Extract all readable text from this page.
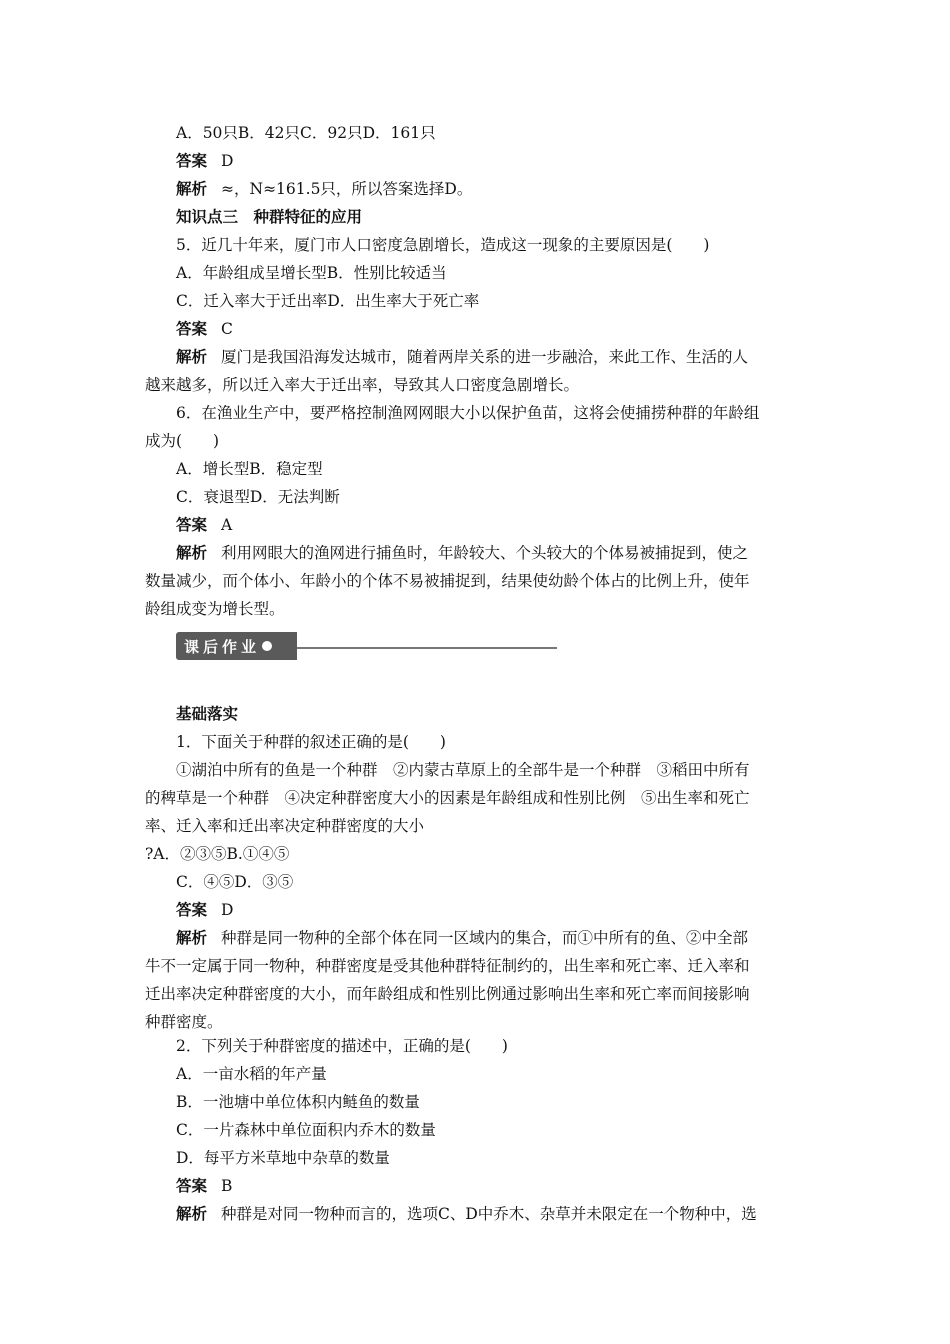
A．50只B．42只C．92只D．161只
答案 D
解析 ≈，N≈161.5只，所以答案选择D。
知识点三　种群特征的应用
5．近几十年来，厦门市人口密度急剧增长，造成这一现象的主要原因是(　　)
A．年龄组成呈增长型B．性别比较适当
C．迁入率大于迁出率D．出生率大于死亡率
答案 C
解析 厦门是我国沿海发达城市，随着两岸关系的进一步融洽，来此工作、生活的人
越来越多，所以迁入率大于迁出率，导致其人口密度急剧增长。
6．在渔业生产中，要严格控制渔网网眼大小以保护鱼苗，这将会使捕捞种群的年龄组
成为(　　)
A．增长型B．稳定型
C．衰退型D．无法判断
答案 A
解析 利用网眼大的渔网进行捕鱼时，年龄较大、个头较大的个体易被捕捉到，使之
数量减少，而个体小、年龄小的个体不易被捕捉到，结果使幼龄个体占的比例上升，使年
龄组成变为增长型。
课后作业
基础落实
1．下面关于种群的叙述正确的是(　　)
①湖泊中所有的鱼是一个种群　②内蒙古草原上的全部牛是一个种群　③稻田中所有
的稗草是一个种群　④决定种群密度大小的因素是年龄组成和性别比例　⑤出生率和死亡
率、迁入率和迁出率决定种群密度的大小
?A．②③⑤B.①④⑤
C．④⑤D．③⑤
答案 D
解析 种群是同一物种的全部个体在同一区域内的集合，而①中所有的鱼、②中全部
牛不一定属于同一物种，种群密度是受其他种群特征制约的，出生率和死亡率、迁入率和
迁出率决定种群密度的大小，而年龄组成和性别比例通过影响出生率和死亡率而间接影响
种群密度。
2．下列关于种群密度的描述中，正确的是(　　)
A．一亩水稻的年产量
B．一池塘中单位体积内鲢鱼的数量
C．一片森林中单位面积内乔木的数量
D．每平方米草地中杂草的数量
答案 B
解析 种群是对同一物种而言的，选项C、D中乔木、杂草并未限定在一个物种中，选
